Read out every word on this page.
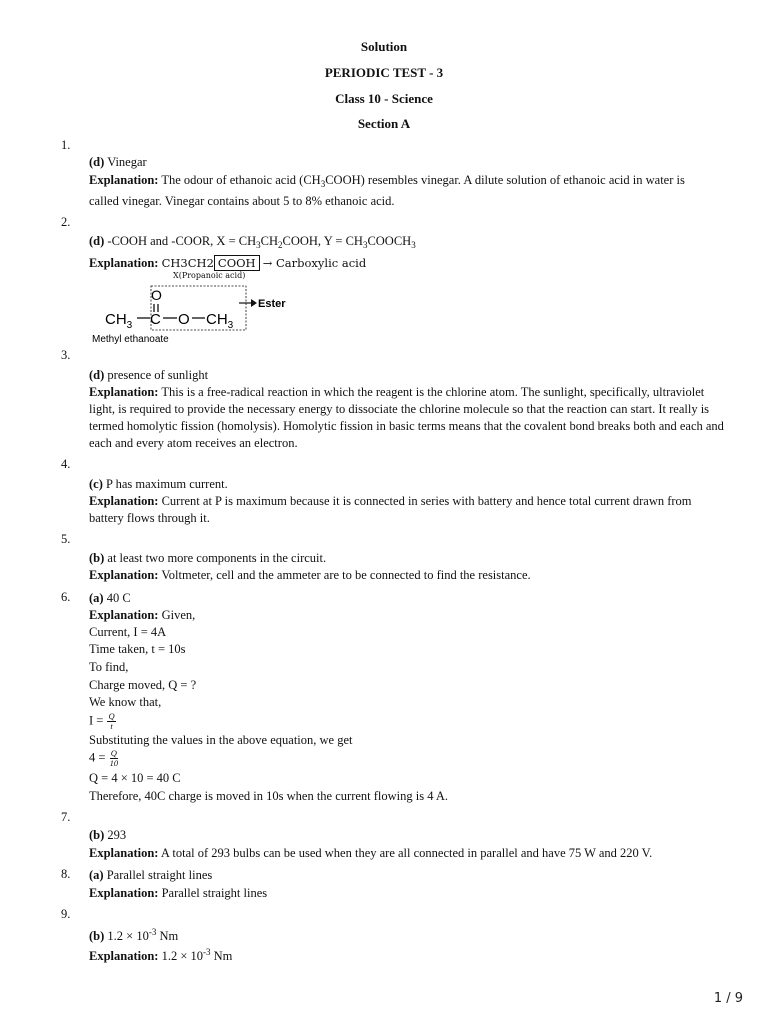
Solution
PERIODIC TEST - 3
Class 10 - Science
Section A
1.
(d) Vinegar
Explanation: The odour of ethanoic acid $(CH_3COOH)$ resembles vinegar. A dilute solution of ethanoic acid in water is
called vinegar. Vinegar contains about 5 to 8% ethanoic acid.
2.
(d) -COOH and -COOR, $X = CH_3CH_2COOH$, $Y = CH_3COOCH_3$
Explanation: CH3CH2 COOH → Carboxylic acid
X(Propanoic acid)
O
$CH_3$ C O $CH_3$
Ester
Methyl ethanoate
3.
(d) presence of sunlight
Explanation: This is a free-radical reaction in which the reagent is the chlorine atom. The sunlight, specifically, ultraviolet
light, is required to provide the necessary energy to dissociate the chlorine molecule so that the reaction can start. It really is
termed homolytic fission (homolysis). Homolytic fission in basic terms means that the covalent bond breaks both and each and
each and every atom receives an electron.
4.
(c) P has maximum current.
Explanation: Current at P is maximum because it is connected in series with battery and hence total current drawn from
battery flows through it.
5.
(b) at least two more components in the circuit.
Explanation: Voltmeter, cell and the ammeter are to be connected to find the resistance.
6. (a) 40 C
Explanation: Given,
Current, I = 4A
Time taken, t = 10s
To find,
Charge moved, Q = ?
We know that,
$I = \frac{Q}{t}$
Substituting the values in the above equation, we get
$4 = \frac{Q}{10}$
Q = 4 × 10 = 40 C
Therefore, 40C charge is moved in 10s when the current flowing is 4 A.
7.
(b) 293
Explanation: A total of 293 bulbs can be used when they are all connected in parallel and have 75 W and 220 V.
8. (a) Parallel straight lines
Explanation: Parallel straight lines
9.
(b) $1.2 \times 10^{-3}$ Nm
Explanation: $1.2 \times 10^{-3}$ Nm
1 / 9
